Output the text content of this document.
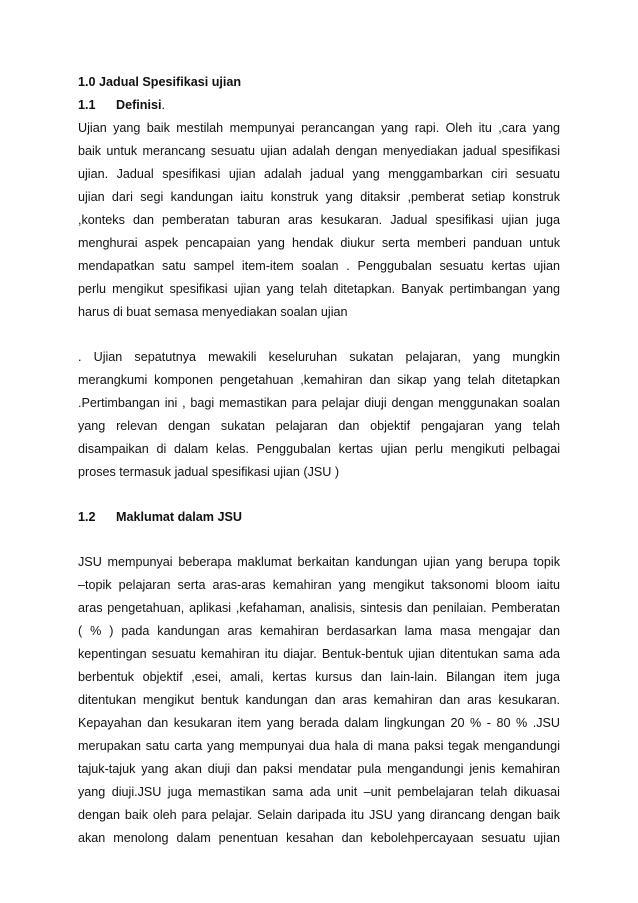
1.0 Jadual Spesifikasi ujian
1.1 Definisi.
Ujian yang baik mestilah mempunyai perancangan yang rapi. Oleh itu ,cara yang
baik untuk merancang sesuatu ujian adalah dengan menyediakan jadual spesifikasi
ujian. Jadual spesifikasi ujian adalah jadual yang menggambarkan ciri sesuatu
ujian dari segi kandungan iaitu konstruk yang ditaksir ,pemberat setiap konstruk
,konteks dan pemberatan taburan aras kesukaran. Jadual spesifikasi ujian juga
menghurai aspek pencapaian yang hendak diukur serta memberi panduan untuk
mendapatkan satu sampel item-item soalan . Penggubalan sesuatu kertas ujian
perlu mengikut spesifikasi ujian yang telah ditetapkan. Banyak pertimbangan yang
harus di buat semasa menyediakan soalan ujian
. Ujian sepatutnya mewakili keseluruhan sukatan pelajaran, yang mungkin
merangkumi komponen pengetahuan ,kemahiran dan sikap yang telah ditetapkan
.Pertimbangan ini , bagi memastikan para pelajar diuji dengan menggunakan soalan
yang relevan dengan sukatan pelajaran dan objektif pengajaran yang telah
disampaikan di dalam kelas. Penggubalan kertas ujian perlu mengikuti pelbagai
proses termasuk jadual spesifikasi ujian (JSU )
1.2 Maklumat dalam JSU
JSU mempunyai beberapa maklumat berkaitan kandungan ujian yang berupa topik
–topik pelajaran serta aras-aras kemahiran yang mengikut taksonomi bloom iaitu
aras pengetahuan, aplikasi ,kefahaman, analisis, sintesis dan penilaian. Pemberatan
( % ) pada kandungan aras kemahiran berdasarkan lama masa mengajar dan
kepentingan sesuatu kemahiran itu diajar. Bentuk-bentuk ujian ditentukan sama ada
berbentuk objektif ,esei, amali, kertas kursus dan lain-lain. Bilangan item juga
ditentukan mengikut bentuk kandungan dan aras kemahiran dan aras kesukaran.
Kepayahan dan kesukaran item yang berada dalam lingkungan 20 % - 80 % .JSU
merupakan satu carta yang mempunyai dua hala di mana paksi tegak mengandungi
tajuk-tajuk yang akan diuji dan paksi mendatar pula mengandungi jenis kemahiran
yang diuji.JSU juga memastikan sama ada unit –unit pembelajaran telah dikuasai
dengan baik oleh para pelajar. Selain daripada itu JSU yang dirancang dengan baik
akan menolong dalam penentuan kesahan dan kebolehpercayaan sesuatu ujian
